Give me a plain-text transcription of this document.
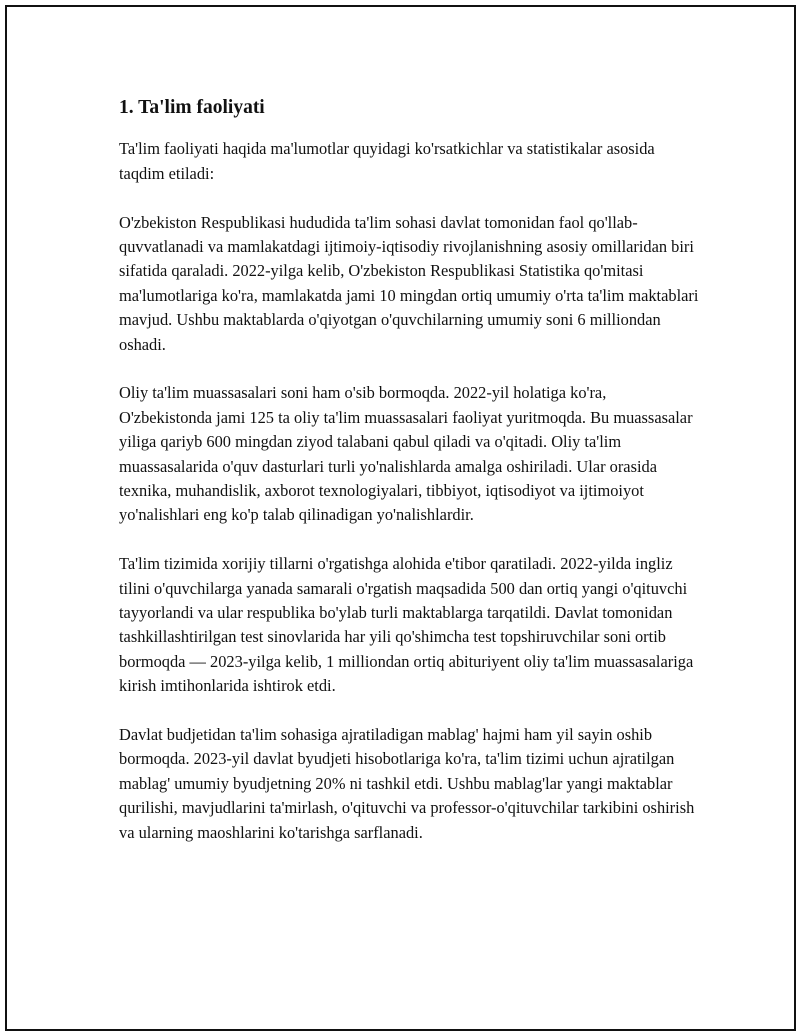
1. Ta'lim faoliyati

Ta'lim faoliyati haqida ma'lumotlar quyidagi ko'rsatkichlar va statistikalar asosida taqdim etiladi:

O'zbekiston Respublikasi hududida ta'lim sohasi davlat tomonidan faol qo'llab-quvvatlanadi va mamlakatdagi ijtimoiy-iqtisodiy rivojlanishning asosiy omillaridan biri sifatida qaraladi. 2022-yilga kelib, O'zbekiston Respublikasi Statistika qo'mitasi ma'lumotlariga ko'ra, mamlakatda jami 10 mingdan ortiq umumiy o'rta ta'lim maktablari mavjud. Ushbu maktablarda o'qiyotgan o'quvchilarning umumiy soni 6 milliondan oshadi.

Oliy ta'lim muassasalari soni ham o'sib bormoqda. 2022-yil holatiga ko'ra, O'zbekistonda jami 125 ta oliy ta'lim muassasalari faoliyat yuritmoqda. Bu muassasalar yiliga qariyb 600 mingdan ziyod talabani qabul qiladi va o'qitadi. Oliy ta'lim muassasalarida o'quv dasturlari turli yo'nalishlarda amalga oshiriladi. Ular orasida texnika, muhandislik, axborot texnologiyalari, tibbiyot, iqtisodiyot va ijtimoiyot yo'nalishlari eng ko'p talab qilinadigan yo'nalishlardir.

Ta'lim tizimida xorijiy tillarni o'rgatishga alohida e'tibor qaratiladi. 2022-yilda ingliz tilini o'quvchilarga yanada samarali o'rgatish maqsadida 500 dan ortiq yangi o'qituvchi tayyorlandi va ular respublika bo'ylab turli maktablarga tarqatildi. Davlat tomonidan tashkillashtirilgan test sinovlarida har yili qo'shimcha test topshiruvchilar soni ortib bormoqda — 2023-yilga kelib, 1 milliondan ortiq abituriyent oliy ta'lim muassasalariga kirish imtihonlarida ishtirok etdi.

Davlat budjetidan ta'lim sohasiga ajratiladigan mablag' hajmi ham yil sayin oshib bormoqda. 2023-yil davlat byudjeti hisobotlariga ko'ra, ta'lim tizimi uchun ajratilgan mablag' umumiy byudjetning 20% ni tashkil etdi. Ushbu mablag'lar yangi maktablar qurilishi, mavjudlarini ta'mirlash, o'qituvchi va professor-o'qituvchilar tarkibini oshirish va ularning maoshlarini ko'tarishga sarflanadi.
